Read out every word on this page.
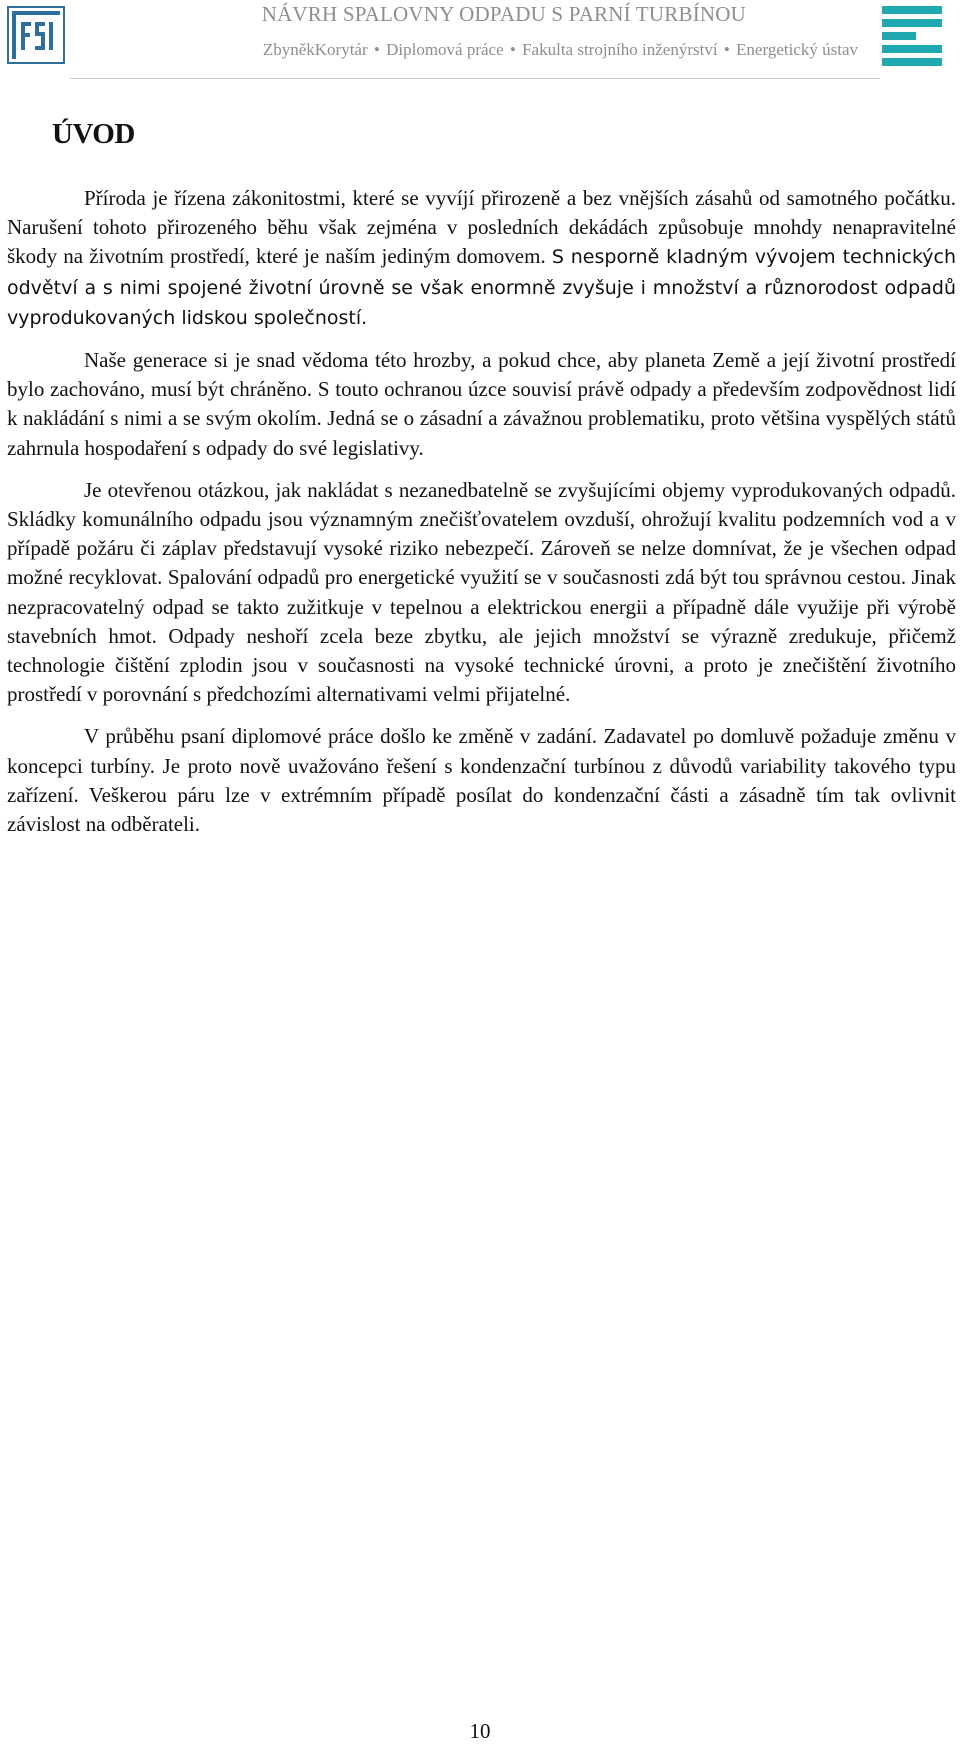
NÁVRH SPALOVNY ODPADU S PARNÍ TURBÍNOU
ZbyněkKorytár • Diplomová práce • Fakulta strojního inženýrství • Energetický ústav
ÚVOD

Příroda je řízena zákonitostmi, které se vyvíjí přirozeně a bez vnějších zásahů od samotného počátku. Narušení tohoto přirozeného běhu však zejména v posledních dekádách způsobuje mnohdy nenapravitelné škody na životním prostředí, které je naším jediným domovem. S nesporně kladným vývojem technických odvětví a s nimi spojené životní úrovně se však enormně zvyšuje i množství a různorodost odpadů vyprodukovaných lidskou společností.

Naše generace si je snad vědoma této hrozby, a pokud chce, aby planeta Země a její životní prostředí bylo zachováno, musí být chráněno. S touto ochranou úzce souvisí právě odpady a především zodpovědnost lidí k nakládání s nimi a se svým okolím. Jedná se o zásadní a závažnou problematiku, proto většina vyspělých států zahrnula hospodaření s odpady do své legislativy.

Je otevřenou otázkou, jak nakládat s nezanedbatelně se zvyšujícími objemy vyprodukovaných odpadů. Skládky komunálního odpadu jsou významným znečišťovatelem ovzduší, ohrožují kvalitu podzemních vod a v případě požáru či záplav představují vysoké riziko nebezpečí. Zároveň se nelze domnívat, že je všechen odpad možné recyklovat. Spalování odpadů pro energetické využití se v současnosti zdá být tou správnou cestou. Jinak nezpracovatelný odpad se takto zužitkuje v tepelnou a elektrickou energii a případně dále využije při výrobě stavebních hmot. Odpady neshoří zcela beze zbytku, ale jejich množství se výrazně zredukuje, přičemž technologie čištění zplodin jsou v současnosti na vysoké technické úrovni, a proto je znečištění životního prostředí v porovnání s předchozími alternativami velmi přijatelné.

V průběhu psaní diplomové práce došlo ke změně v zadání. Zadavatel po domluvě požaduje změnu v koncepci turbíny. Je proto nově uvažováno řešení s kondenzační turbínou z důvodů variability takového typu zařízení. Veškerou páru lze v extrémním případě posílat do kondenzační části a zásadně tím tak ovlivnit závislost na odběrateli.

10
